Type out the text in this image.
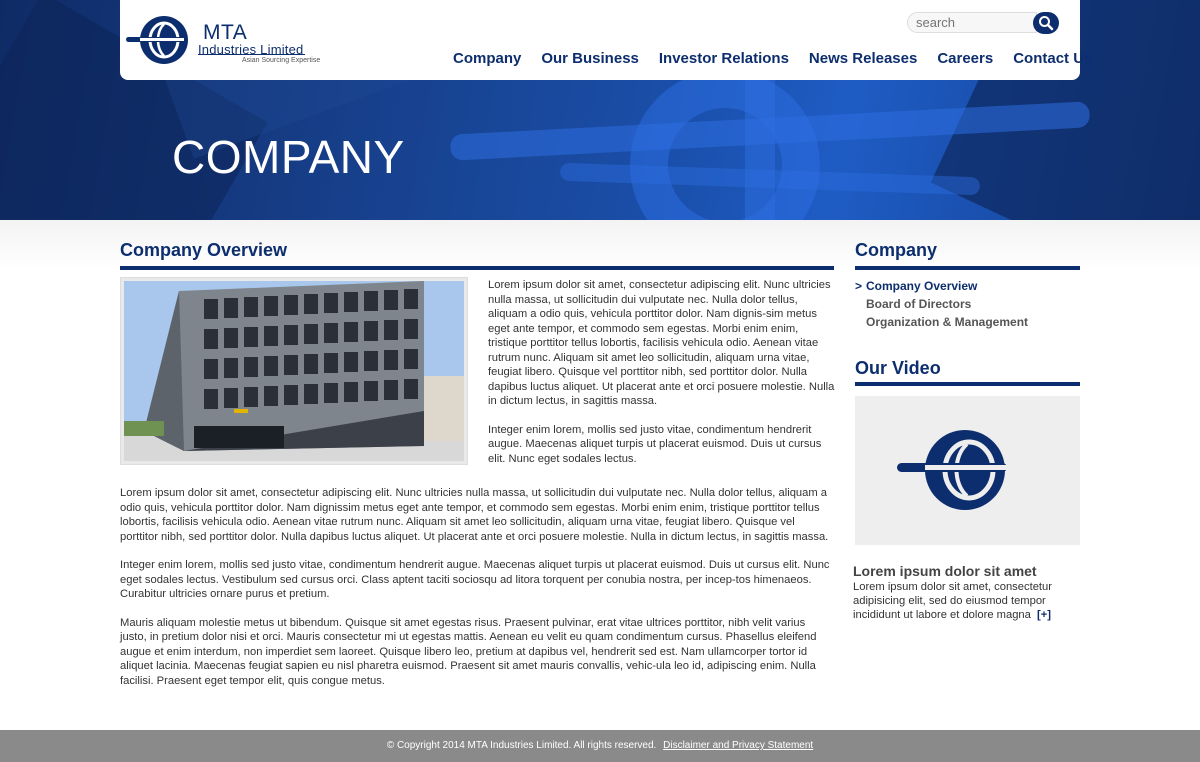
COMPANY
MTA
Industries Limited
Asian Sourcing Expertise
search	Company Our Business Investor Relations News Releases Careers Contact Us
Company Overview

Lorem ipsum dolor sit amet, consectetur adipiscing elit. Nunc ultricies nulla massa, ut sollicitudin dui vulputate nec. Nulla dolor tellus, aliquam a odio quis, vehicula porttitor dolor. Nam dignis-sim metus eget ante tempor, et commodo sem egestas. Morbi enim enim, tristique porttitor tellus lobortis, facilisis vehicula odio. Aenean vitae rutrum nunc. Aliquam sit amet leo sollicitudin, aliquam urna vitae, feugiat libero. Quisque vel porttitor nibh, sed porttitor dolor. Nulla dapibus luctus aliquet. Ut placerat ante et orci posuere molestie. Nulla in dictum lectus, in sagittis massa.

Integer enim lorem, mollis sed justo vitae, condimentum hendrerit augue. Maecenas aliquet turpis ut placerat euismod. Duis ut cursus elit. Nunc eget sodales lectus.

Lorem ipsum dolor sit amet, consectetur adipiscing elit. Nunc ultricies nulla massa, ut sollicitudin dui vulputate nec. Nulla dolor tellus, aliquam a odio quis, vehicula porttitor dolor. Nam dignissim metus eget ante tempor, et commodo sem egestas. Morbi enim enim, tristique porttitor tellus lobortis, facilisis vehicula odio. Aenean vitae rutrum nunc. Aliquam sit amet leo sollicitudin, aliquam urna vitae, feugiat libero. Quisque vel porttitor nibh, sed porttitor dolor. Nulla dapibus luctus aliquet. Ut placerat ante et orci posuere molestie. Nulla in dictum lectus, in sagittis massa.

Integer enim lorem, mollis sed justo vitae, condimentum hendrerit augue. Maecenas aliquet turpis ut placerat euismod. Duis ut cursus elit. Nunc eget sodales lectus. Vestibulum sed cursus orci. Class aptent taciti sociosqu ad litora torquent per conubia nostra, per incep-tos himenaeos. Curabitur ultricies ornare purus et pretium.

Mauris aliquam molestie metus ut bibendum. Quisque sit amet egestas risus. Praesent pulvinar, erat vitae ultrices porttitor, nibh velit varius justo, in pretium dolor nisi et orci. Mauris consectetur mi ut egestas mattis. Aenean eu velit eu quam condimentum cursus. Phasellus eleifend augue et enim interdum, non imperdiet sem laoreet. Quisque libero leo, pretium at dapibus vel, hendrerit sed est. Nam ullamcorper tortor id aliquet lacinia. Maecenas feugiat sapien eu nisl pharetra euismod. Praesent sit amet mauris convallis, vehic-ula leo id, adipiscing enim. Nulla facilisi. Praesent eget tempor elit, quis congue metus.

Company
> Company Overview
Board of Directors
Organization & Management
Our Video
Lorem ipsum dolor sit amet
Lorem ipsum dolor sit amet, consectetur adipisicing elit, sed do eiusmod tempor incididunt ut labore et dolore magna [+]
© Copyright 2014 MTA Industries Limited. All rights reserved. Disclaimer and Privacy Statement
